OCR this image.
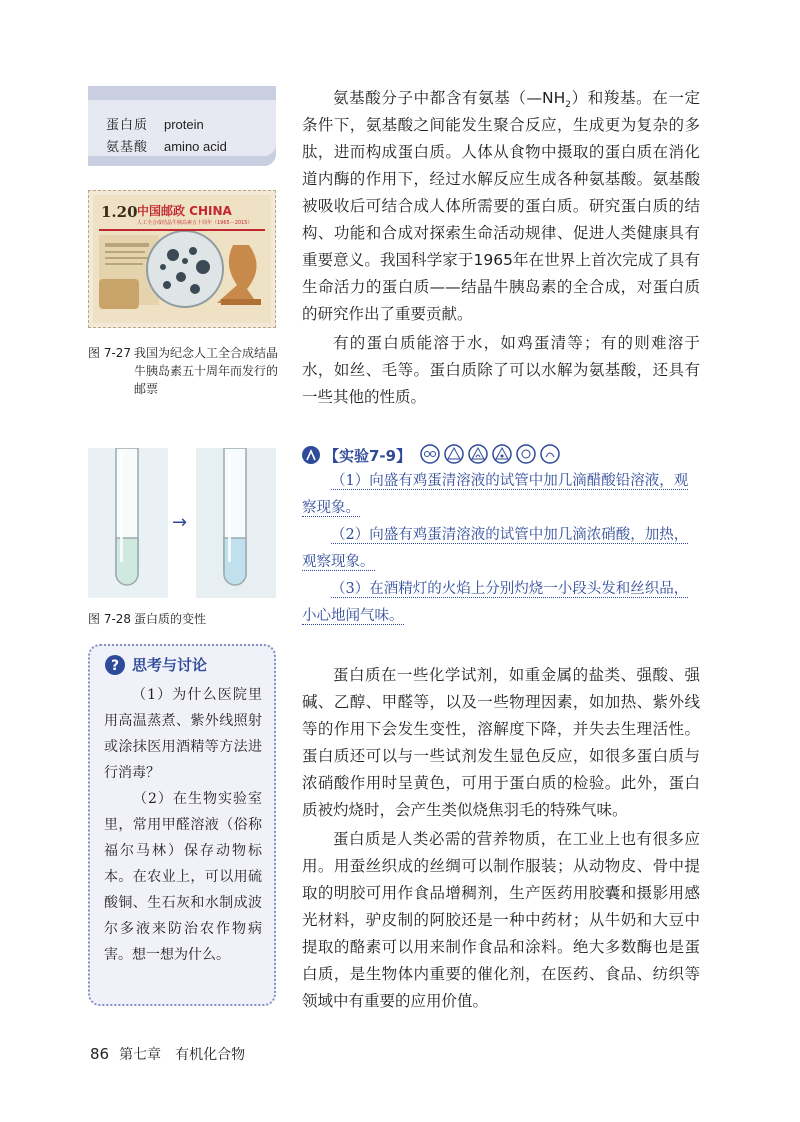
蛋白质 protein
氨基酸 amino acid
1.20 中国邮政 CHINA
人工全合成结晶牛胰岛素五十周年（1965－2015）
图 7-27 我国为纪念人工全合成结晶
牛胰岛素五十周年而发行的
邮票

氨基酸分子中都含有氨基$(—NH_2)$和羧基。在一定条件下，氨基酸之间能发生聚合反应，生成更为复杂的多肽，进而构成蛋白质。人体从食物中摄取的蛋白质在消化道内酶的作用下，经过水解反应生成各种氨基酸。氨基酸被吸收后可结合成人体所需要的蛋白质。研究蛋白质的结构、功能和合成对探索生命活动规律、促进人类健康具有重要意义。我国科学家于1965年在世界上首次完成了具有生命活力的蛋白质——结晶牛胰岛素的全合成，对蛋白质的研究作出了重要贡献。

有的蛋白质能溶于水，如鸡蛋清等；有的则难溶于水，如丝、毛等。蛋白质除了可以水解为氨基酸，还具有一些其他的性质。

→
图 7-28 蛋白质的变性
【实验7-9】

（1）向盛有鸡蛋清溶液的试管中加几滴醋酸铅溶液，观察现象。

（2）向盛有鸡蛋清溶液的试管中加几滴浓硝酸，加热，观察现象。

（3）在酒精灯的火焰上分别灼烧一小段头发和丝织品，小心地闻气味。

蛋白质在一些化学试剂，如重金属的盐类、强酸、强碱、乙醇、甲醛等，以及一些物理因素，如加热、紫外线等的作用下会发生变性，溶解度下降，并失去生理活性。蛋白质还可以与一些试剂发生显色反应，如很多蛋白质与浓硝酸作用时呈黄色，可用于蛋白质的检验。此外，蛋白质被灼烧时，会产生类似烧焦羽毛的特殊气味。

蛋白质是人类必需的营养物质，在工业上也有很多应用。用蚕丝织成的丝绸可以制作服装；从动物皮、骨中提取的明胶可用作食品增稠剂，生产医药用胶囊和摄影用感光材料，驴皮制的阿胶还是一种中药材；从牛奶和大豆中提取的酪素可以用来制作食品和涂料。绝大多数酶也是蛋白质，是生物体内重要的催化剂，在医药、食品、纺织等领域中有重要的应用价值。

? 思考与讨论

（1）为什么医院里用高温蒸煮、紫外线照射或涂抹医用酒精等方法进行消毒？
（2）在生物实验室里，常用甲醛溶液（俗称福尔马林）保存动物标本。在农业上，可以用硫酸铜、生石灰和水制成波尔多液来防治农作物病害。想一想为什么。

86 第七章　有机化合物
